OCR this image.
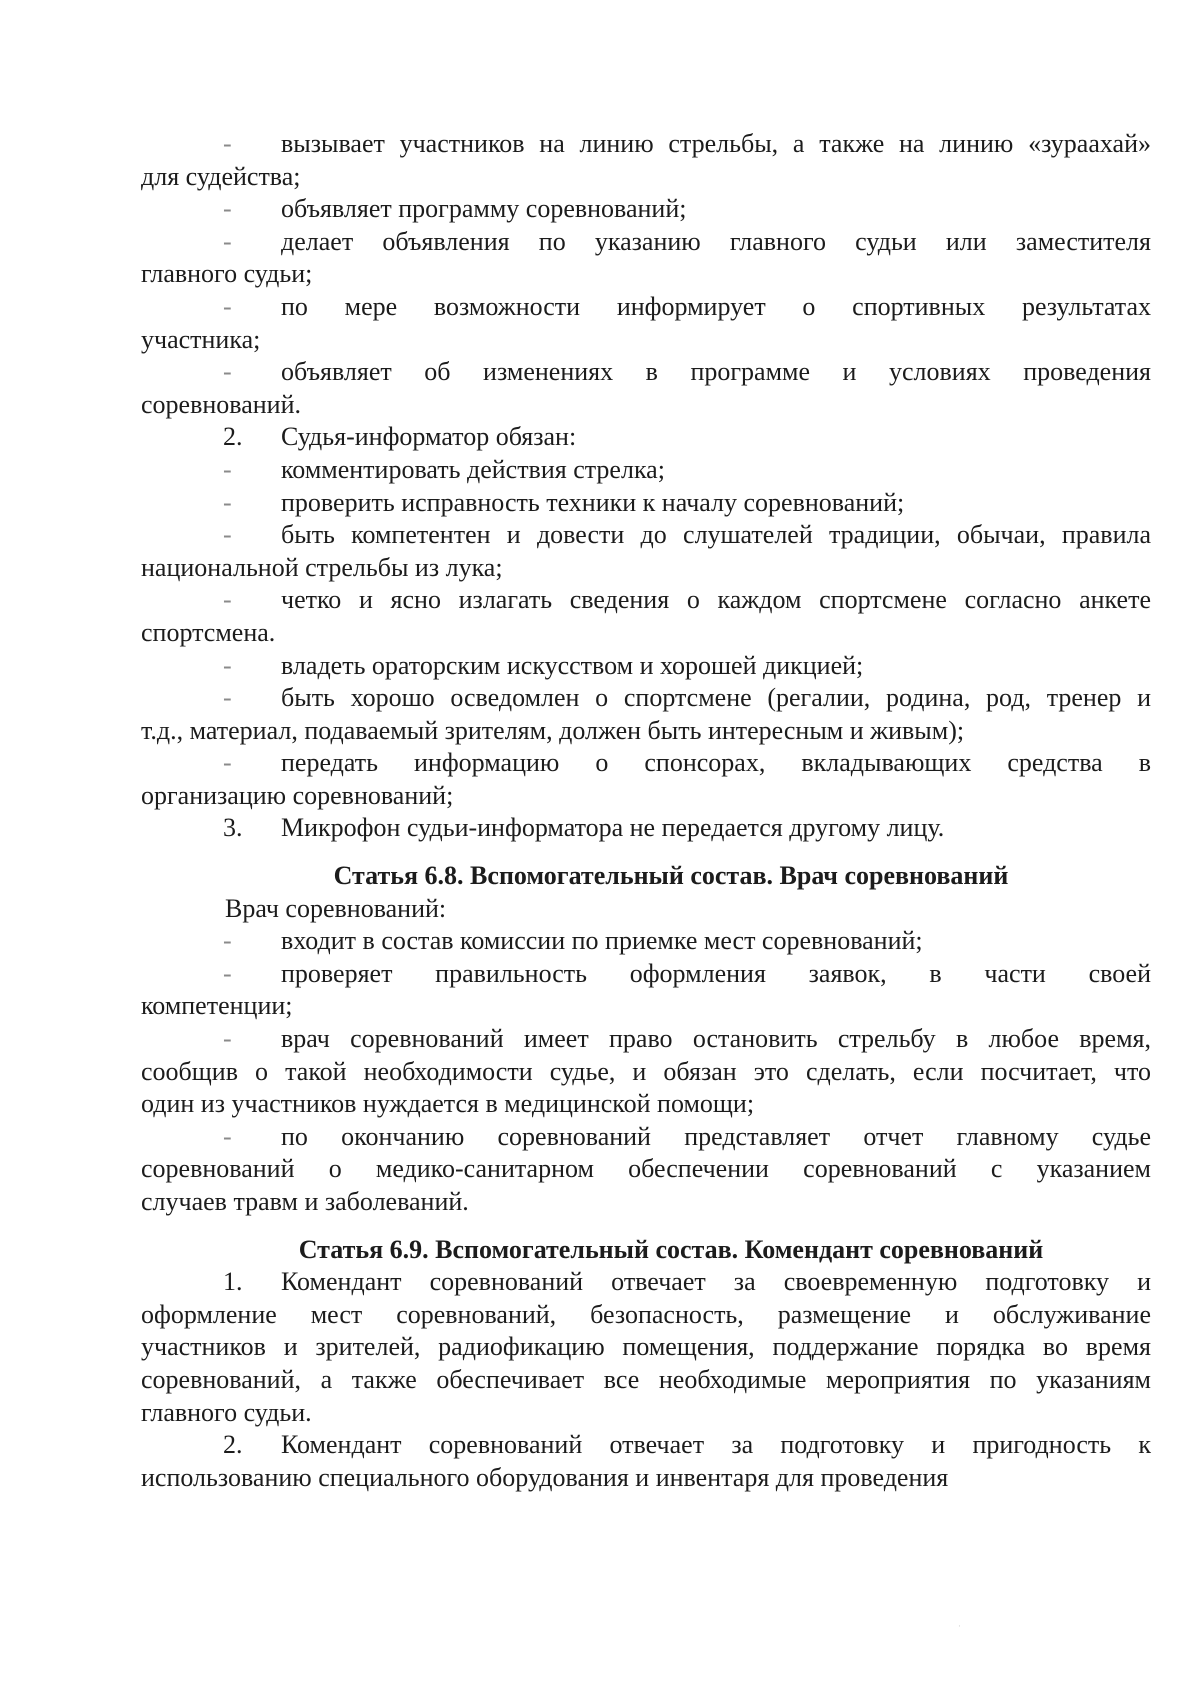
- вызывает участников на линию стрельбы, а также на линию «зураахай»
для судейства;
- объявляет программу соревнований;
- делает объявления по указанию главного судьи или заместителя
главного судьи;
- по мере возможности информирует о спортивных результатах
участника;
- объявляет об изменениях в программе и условиях проведения
соревнований.
2. Судья-информатор обязан:
- комментировать действия стрелка;
- проверить исправность техники к началу соревнований;
- быть компетентен и довести до слушателей традиции, обычаи, правила
национальной стрельбы из лука;
- четко и ясно излагать сведения о каждом спортсмене согласно анкете
спортсмена.
- владеть ораторским искусством и хорошей дикцией;
- быть хорошо осведомлен о спортсмене (регалии, родина, род, тренер и
т.д., материал, подаваемый зрителям, должен быть интересным и живым);
- передать информацию о спонсорах, вкладывающих средства в
организацию соревнований;
3. Микрофон судьи-информатора не передается другому лицу.
Статья 6.8. Вспомогательный состав. Врач соревнований
Врач соревнований:
- входит в состав комиссии по приемке мест соревнований;
- проверяет правильность оформления заявок, в части своей
компетенции;
- врач соревнований имеет право остановить стрельбу в любое время,
сообщив о такой необходимости судье, и обязан это сделать, если посчитает, что
один из участников нуждается в медицинской помощи;
- по окончанию соревнований представляет отчет главному судье
соревнований о медико-санитарном обеспечении соревнований с указанием
случаев травм и заболеваний.
Статья 6.9. Вспомогательный состав. Комендант соревнований
1. Комендант соревнований отвечает за своевременную подготовку и
оформление мест соревнований, безопасность, размещение и обслуживание
участников и зрителей, радиофикацию помещения, поддержание порядка во время
соревнований, а также обеспечивает все необходимые мероприятия по указаниям
главного судьи.
2. Комендант соревнований отвечает за подготовку и пригодность к
использованию специального оборудования и инвентаря для проведения
·
